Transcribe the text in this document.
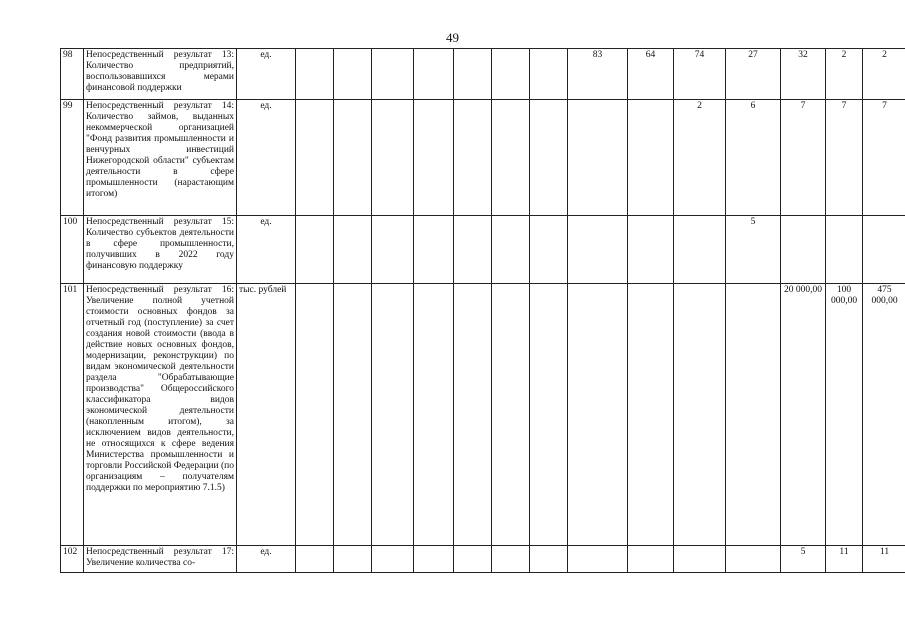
49
98	Непосредственный результат 13: Количество предприятий, воспользовавшихся мерами финансовой поддержки	ед.								83	64	74	27	32	2	2
99	Непосредственный результат 14: Количество займов, выданных некоммерческой организацией "Фонд развития промышленности и венчурных инвестиций Нижегородской области" субъектам деятельности в сфере промышленности (нарастающим итогом)	ед.										2	6	7	7	7
100	Непосредственный результат 15: Количество субъектов деятельности в сфере промышленности, получивших в 2022 году финансовую поддержку	ед.											5			
101	Непосредственный результат 16: Увеличение полной учетной стоимости основных фондов за отчетный год (поступление) за счет создания новой стоимости (ввода в действие новых основных фондов, модернизации, реконструкции) по видам экономической деятельности раздела "Обрабатывающие производства" Общероссийского классификатора видов экономической деятельности (накопленным итогом), за исключением видов деятельности, не относящихся к сфере ведения Министерства промышленности и торговли Российской Федерации (по организациям – получателям поддержки по мероприятию 7.1.5)	тыс. рублей												20 000,00	100 000,00	475 000,00
102	Непосредственный результат 17: Увеличение количества со-	ед.												5	11	11
